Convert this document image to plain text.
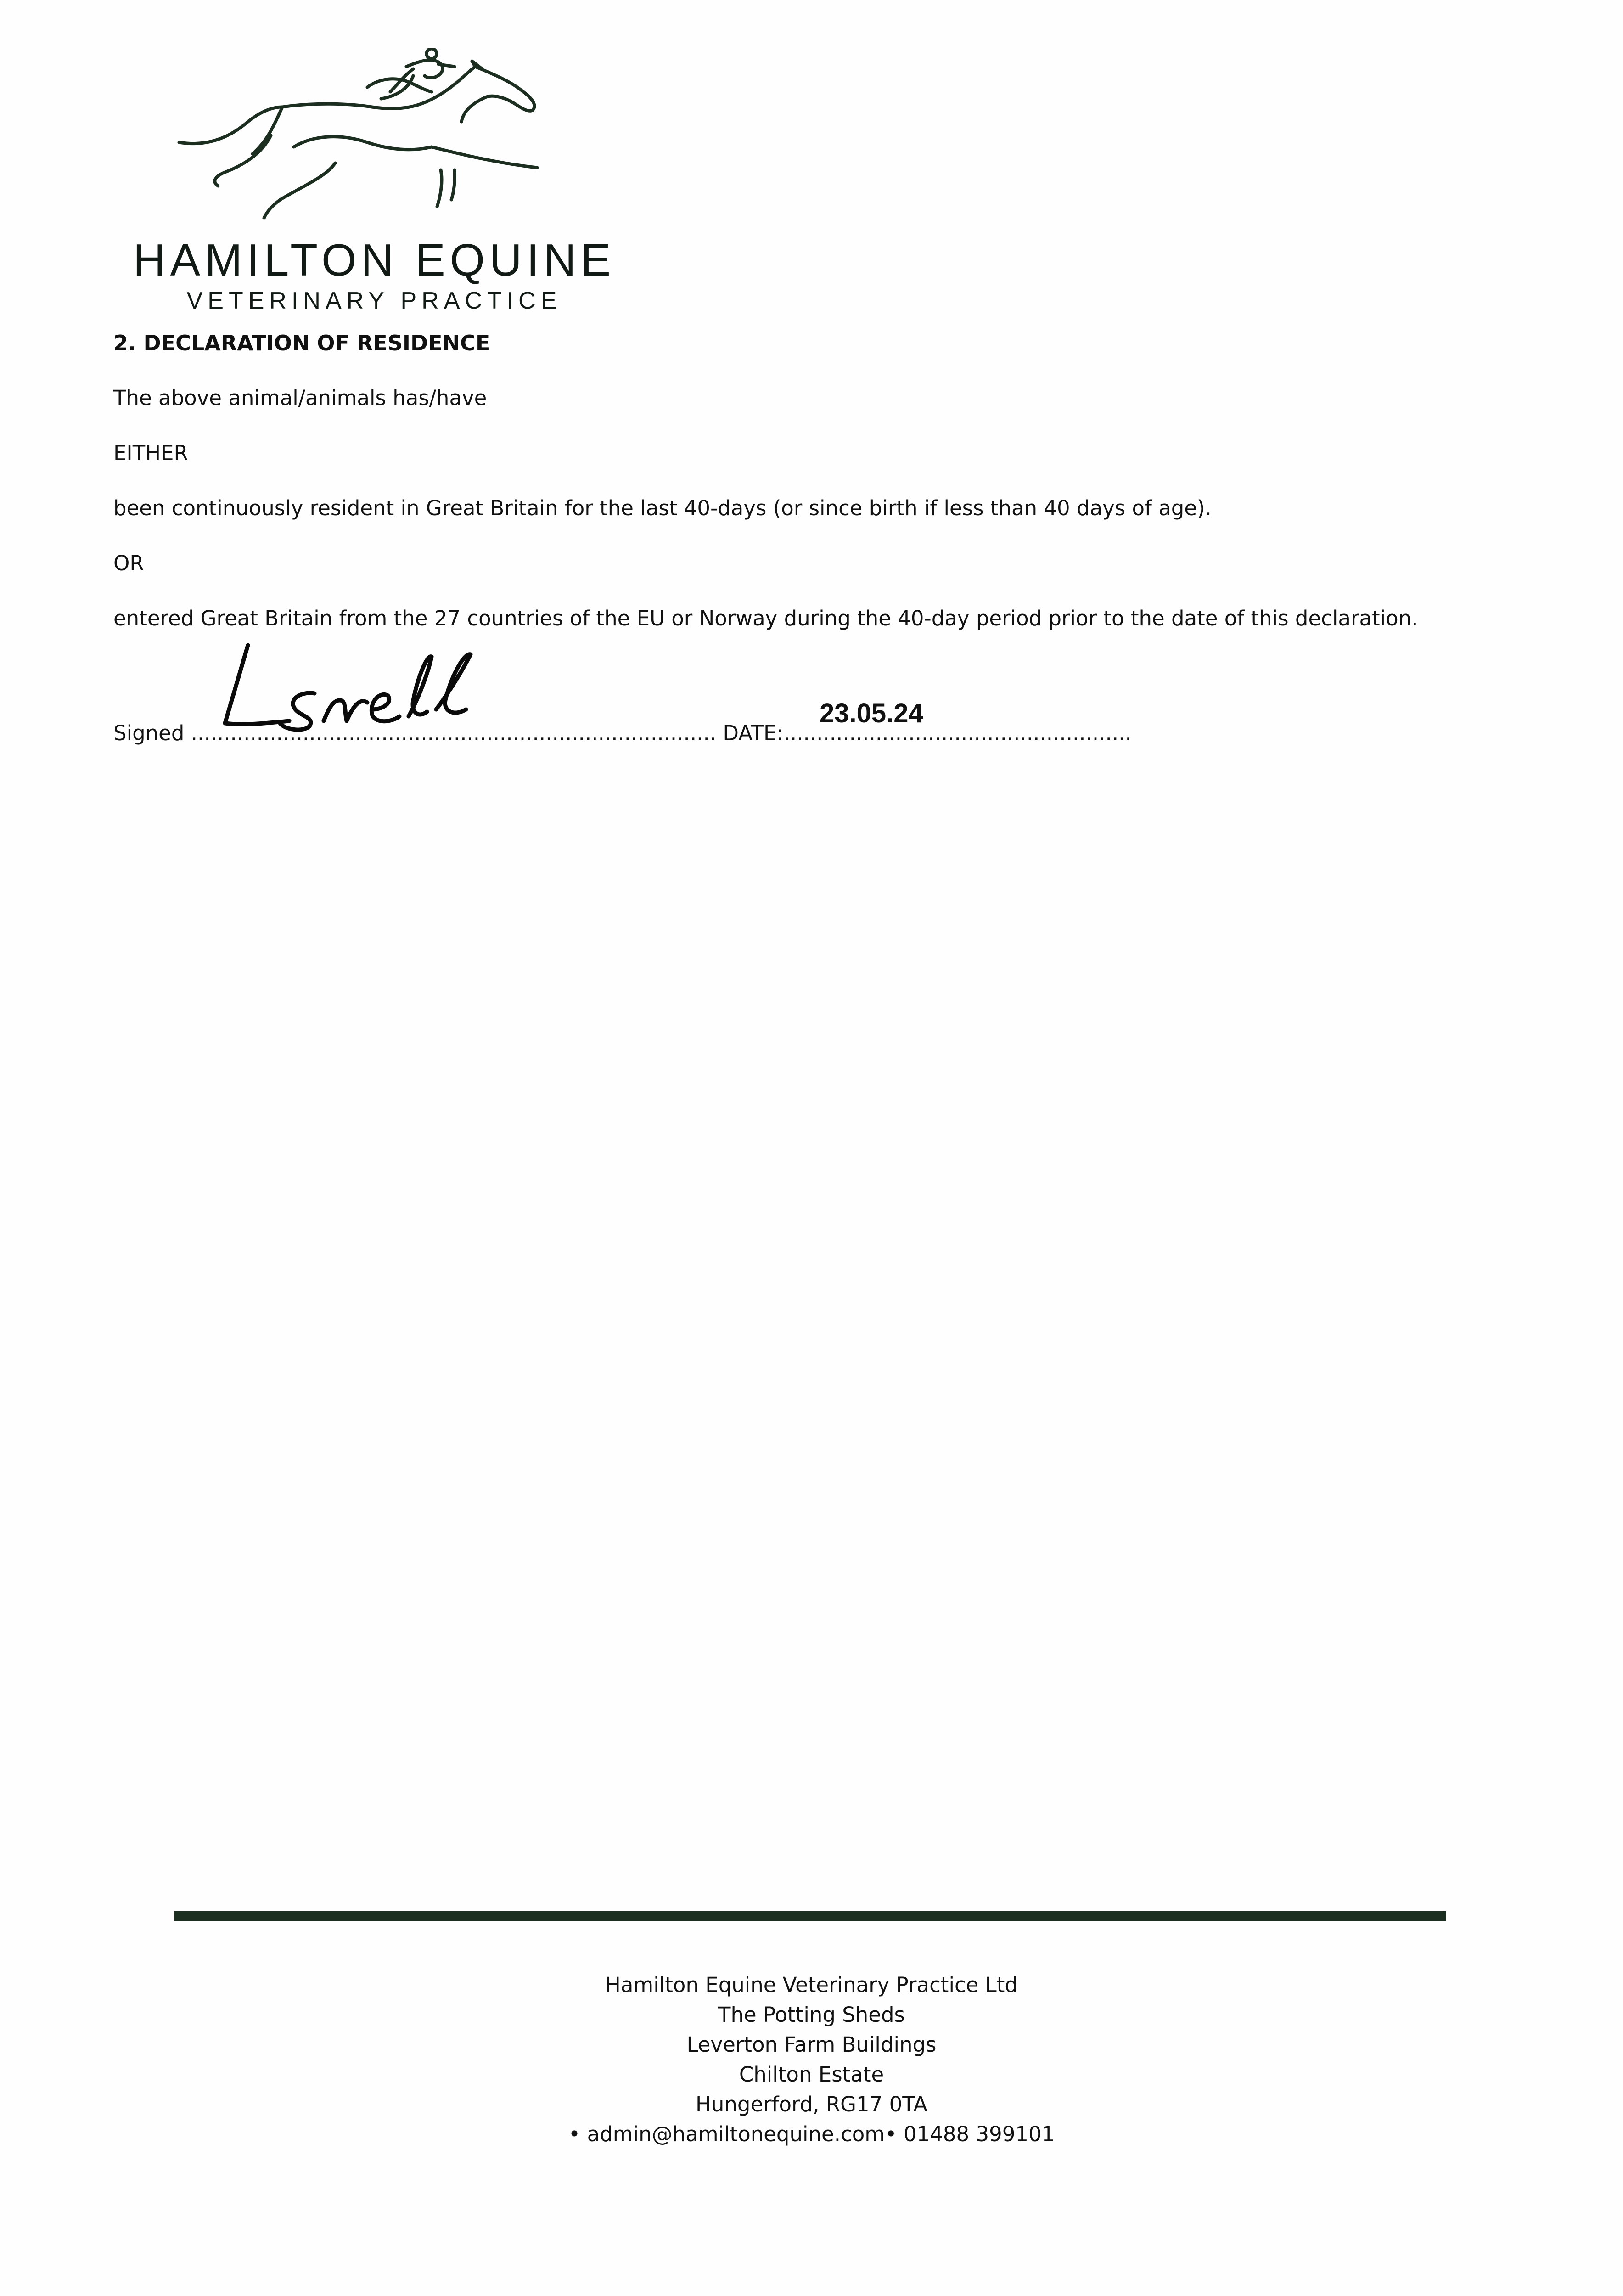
HAMILTON EQUINE
VETERINARY PRACTICE
2. DECLARATION OF RESIDENCE
The above animal/animals has/have
EITHER
been continuously resident in Great Britain for the last 40-days (or since birth if less than 40 days of age).
OR
entered Great Britain from the 27 countries of the EU or Norway during the 40-day period prior to the date of this declaration.
23.05.24
Signed ................................................................................ DATE:.....................................................
Hamilton Equine Veterinary Practice Ltd
The Potting Sheds
Leverton Farm Buildings
Chilton Estate
Hungerford, RG17 0TA
• admin@hamiltonequine.com• 01488 399101
